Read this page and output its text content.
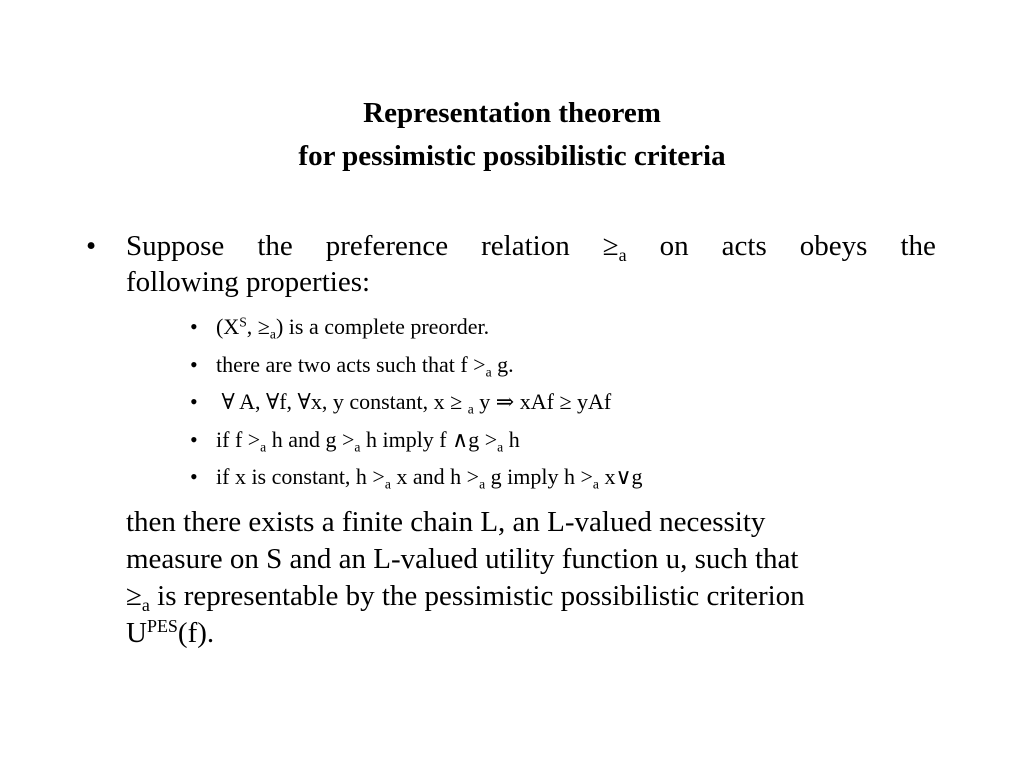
Representation theorem
for pessimistic possibilistic criteria
• Suppose the preference relation $\ge_a$ on acts obeys the
following properties:
• ($X^S$, $\ge_a$) is a complete preorder.
• there are two acts such that $f >_a$ g.
• ∀ A, ∀f, ∀x, y constant, x ≥ $_a$ y ⇒ xAf ≥ yAf
• if $f >_a$ h and $g >_a$ h imply f ∧g $>_a$ h
• if x is constant, $h >_a$ x and $h >_a$ g imply $h >_a$ x∨g
then there exists a finite chain L, an L-valued necessity
measure on S and an L-valued utility function u, such that
$\ge_a$ is representable by the pessimistic possibilistic criterion
$U^{PES}(f)$.
